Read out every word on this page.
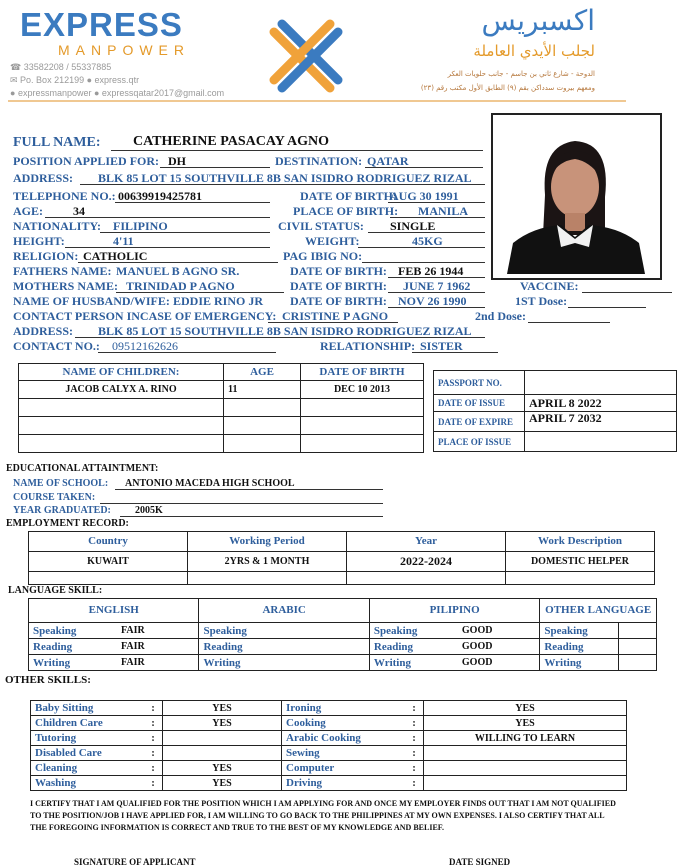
EXPRESS
MANPOWER
☎ 33582208 / 55337885
✉ Po. Box 212199 ● express.qtr
● expressmanpower ● expressqatar2017@gmail.com
اكسبريس
لجلب الأيدي العاملة
الدوحة - شارع ثاني بن جاسم - جانب حلويات العكر
ومعهم بيروت سدداكن بقم (٩) الطابق الأول مكتب رقم (٢٣)
FULL NAME: CATHERINE PASACAY AGNO
POSITION APPLIED FOR: DH	DESTINATION: QATAR
ADDRESS: BLK 85 LOT 15 SOUTHVILLE 8B SAN ISIDRO RODRIGUEZ RIZAL
TELEPHONE NO.: 00639919425781	DATE OF BIRTH:
AUG 30 1991
AGE:	34	PLACE OF BIRTH: MANILA
NATIONALITY: FILIPINO	CIVIL STATUS: SINGLE
HEIGHT:	4'11	WEIGHT:	45KG
RELIGION: CATHOLIC	PAG IBIG NO:
FATHERS NAME: MANUEL B AGNO SR.	DATE OF BIRTH: FEB 26 1944
MOTHERS NAME: TRINIDAD P AGNO	DATE OF BIRTH: JUNE 7 1962	VACCINE:
NAME OF HUSBAND/WIFE: EDDIE RINO JR DATE OF BIRTH: NOV 26 1990	1ST Dose:
CONTACT PERSON INCASE OF EMERGENCY: CRISTINE P AGNO	2nd Dose:
ADDRESS: BLK 85 LOT 15 SOUTHVILLE 8B SAN ISIDRO RODRIGUEZ RIZAL
CONTACT NO.: 09512162626	RELATIONSHIP: SISTER
NAME OF CHILDREN:	AGE	DATE OF BIRTH
JACOB CALYX A. RINO	11	DEC 10 2013

PASSPORT NO.	
DATE OF ISSUE	APRIL 8 2022
DATE OF EXPIRE	APRIL 7 2032
PLACE OF ISSUE	
EDUCATIONAL ATTAINTMENT:
NAME OF SCHOOL: ANTONIO MACEDA HIGH SCHOOL
COURSE TAKEN:
YEAR GRADUATED: 2005K
EMPLOYMENT RECORD:
Country	Working Period	Year	Work Description
KUWAIT	2YRS & 1 MONTH	2022-2024	DOMESTIC HELPER

LANGUAGE SKILL:
ENGLISH		ARABIC		PILIPINO		OTHER LANGUAGE	
Speaking	FAIR	Speaking		Speaking	GOOD	Speaking	
Reading	FAIR	Reading		Reading	GOOD	Reading	
Writing	FAIR	Writing		Writing	GOOD	Writing	
OTHER SKILLS:
Baby Sitting	:	YES	Ironing	:	YES
Children Care	:	YES	Cooking	:	YES
Tutoring	:		Arabic Cooking	:	WILLING TO LEARN
Disabled Care	:		Sewing	:	
Cleaning	:	YES	Computer	:	
Washing	:	YES	Driving	:	
I CERTIFY THAT I AM QUALIFIED FOR THE POSITION WHICH I AM APPLYING FOR AND ONCE MY EMPLOYER FINDS OUT THAT I AM NOT QUALIFIED TO THE POSITION/JOB I HAVE APPLIED FOR, I AM WILLING TO GO BACK TO THE PHILIPPINES AT MY OWN EXPENSES. I ALSO CERTIFY THAT ALL THE FOREGOING INFORMATION IS CORRECT AND TRUE TO THE BEST OF MY KNOWLEDGE AND BELIEF.
SIGNATURE OF APPLICANT	DATE SIGNED
